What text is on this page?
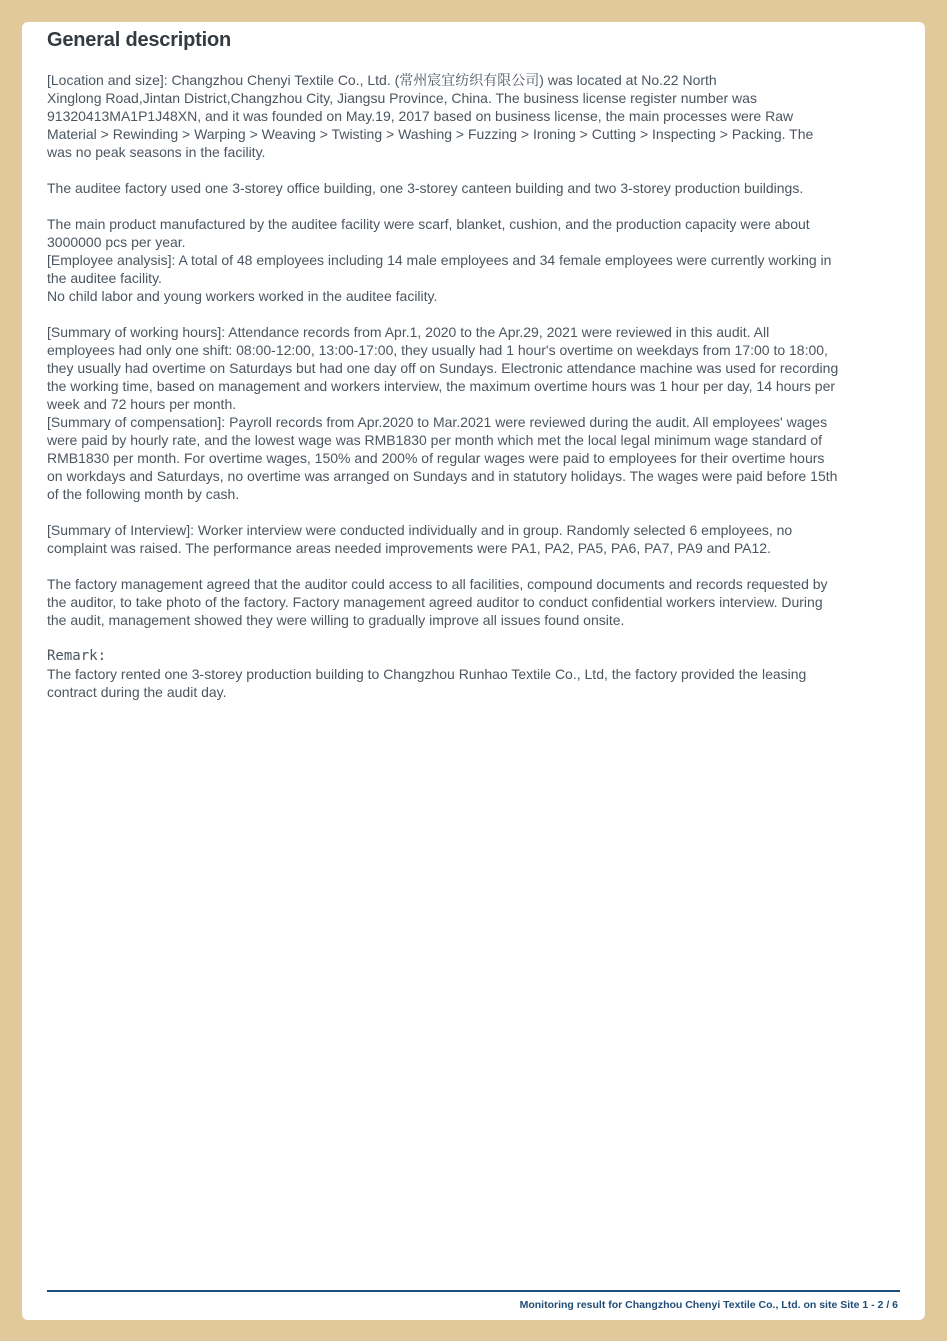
General description

[Location and size]: Changzhou Chenyi Textile Co., Ltd. (常州宸宜纺织有限公司) was located at No.22 North
Xinglong Road,Jintan District,Changzhou City, Jiangsu Province, China. The business license register number was
91320413MA1P1J48XN, and it was founded on May.19, 2017 based on business license, the main processes were Raw
Material > Rewinding > Warping > Weaving > Twisting > Washing > Fuzzing > Ironing > Cutting > Inspecting > Packing. The
was no peak seasons in the facility.

The auditee factory used one 3-storey office building, one 3-storey canteen building and two 3-storey production buildings.

The main product manufactured by the auditee facility were scarf, blanket, cushion, and the production capacity were about
3000000 pcs per year.
[Employee analysis]: A total of 48 employees including 14 male employees and 34 female employees were currently working in
the auditee facility.
No child labor and young workers worked in the auditee facility.

[Summary of working hours]: Attendance records from Apr.1, 2020 to the Apr.29, 2021 were reviewed in this audit. All
employees had only one shift: 08:00-12:00, 13:00-17:00, they usually had 1 hour's overtime on weekdays from 17:00 to 18:00,
they usually had overtime on Saturdays but had one day off on Sundays. Electronic attendance machine was used for recording
the working time, based on management and workers interview, the maximum overtime hours was 1 hour per day, 14 hours per
week and 72 hours per month.
[Summary of compensation]: Payroll records from Apr.2020 to Mar.2021 were reviewed during the audit. All employees' wages
were paid by hourly rate, and the lowest wage was RMB1830 per month which met the local legal minimum wage standard of
RMB1830 per month. For overtime wages, 150% and 200% of regular wages were paid to employees for their overtime hours
on workdays and Saturdays, no overtime was arranged on Sundays and in statutory holidays. The wages were paid before 15th
of the following month by cash.

[Summary of Interview]: Worker interview were conducted individually and in group. Randomly selected 6 employees, no
complaint was raised. The performance areas needed improvements were PA1, PA2, PA5, PA6, PA7, PA9 and PA12.

The factory management agreed that the auditor could access to all facilities, compound documents and records requested by
the auditor, to take photo of the factory. Factory management agreed auditor to conduct confidential workers interview. During
the audit, management showed they were willing to gradually improve all issues found onsite.

Remark:

The factory rented one 3-storey production building to Changzhou Runhao Textile Co., Ltd, the factory provided the leasing
contract during the audit day.

Monitoring result for Changzhou Chenyi Textile Co., Ltd. on site Site 1 - 2 / 6
